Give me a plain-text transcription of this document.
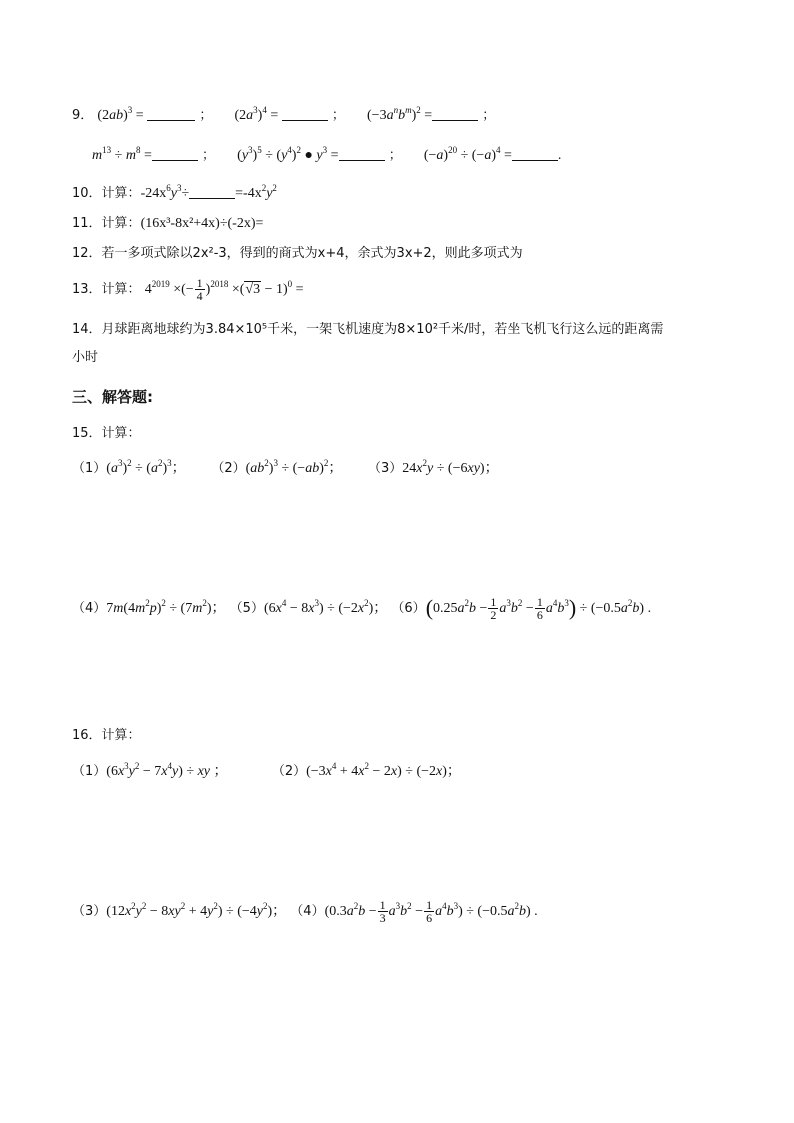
9． $(2ab)^3$ =	； $(2a^3)^4$ =	； $(-3a^nb^m)^2$ =	；
$m^{13} \div m^8$ =	； $(y^3)^5 \div (y^4)^2$ ● $y^3$ =	； $(-a)^{20} \div (-a)^4$ =	.
10．计算：$-24x^6y^3\div$	$=-4x^2y^2$
11．计算：(16x³-8x²+4x)÷(-2x)=
12．若一多项式除以2x²-3，得到的商式为x+4，余式为3x+2，则此多项式为
13．计算： $4^{2019}$ ×(− $\frac{1}{4} )^{2018} \times(√3 - 1)^0$ =
14．月球距离地球约为3.84×10⁵千米，一架飞机速度为8×10²千米/时，若坐飞机飞行这么远的距离需
小时
三、解答题:
15．计算：
$(1)(a^3)^2 \div (a^2)^3$； $(2)(ab^2)^3 \div (-ab)^2$； $(3)24x^2y \div (-6xy)$；
$(4)7m(4m^2p)^2 \div (7m^2)$； $(5)(6x^4 - 8x^3) \div (-2x^2)$； $(6)(0.25a^2b - \frac{1}{2} a^3b^2 - \frac{1}{6} a^4b^3) \div (-0.5a^2b)$ .
16．计算：
$(1)(6x^3y^2 - 7x^4y)$ ÷ xy ；	$(2)(-3x^4 + 4x^2 - 2x) \div (-2x)$；
$(3)(12x^2y^2 - 8xy^2 + 4y^2) \div (-4y^2)$； $(4)(0.3a^2b - \frac{1}{3} a^3b^2 - \frac{1}{6} a^4b^3) \div (-0.5a^2b)$ .
